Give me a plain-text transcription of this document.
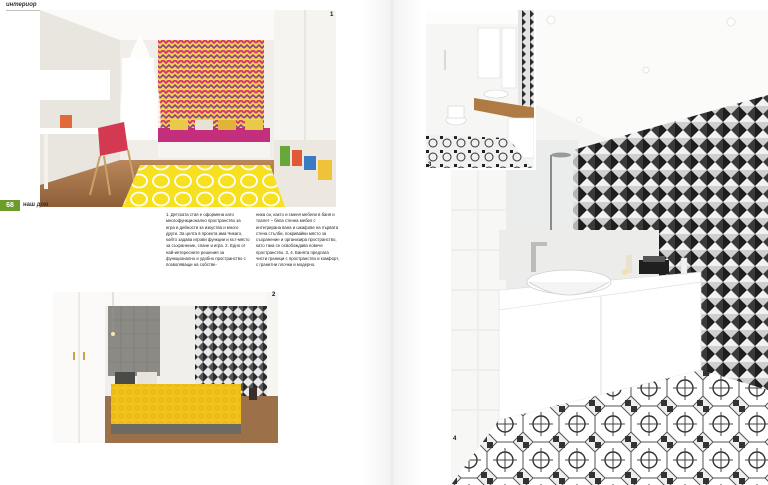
интериор
1
68	наш дом

1. Детската стая е оформена като многофункционално пространство за игра и дейности за изкуства и много други. За целта в проекта има Чикаго, който задава игрови функции и кът-място за съхранение, спане и игра. 2. Едно от най-интересните решения за функционално и удобно пространство с позволяващи на собстве-

ника си, както и сменя мебели в баня и тоалет – бяла стенна мебел с интегрирана вана и шкафове на първата стена стълби, покривайки място за съхранение и организира пространство, като така се освобождава повече пространство. 3, 4. Банята предлага чисти граници с пространство и комфорт, с гранитни плочки и модерно.

2
3
4
